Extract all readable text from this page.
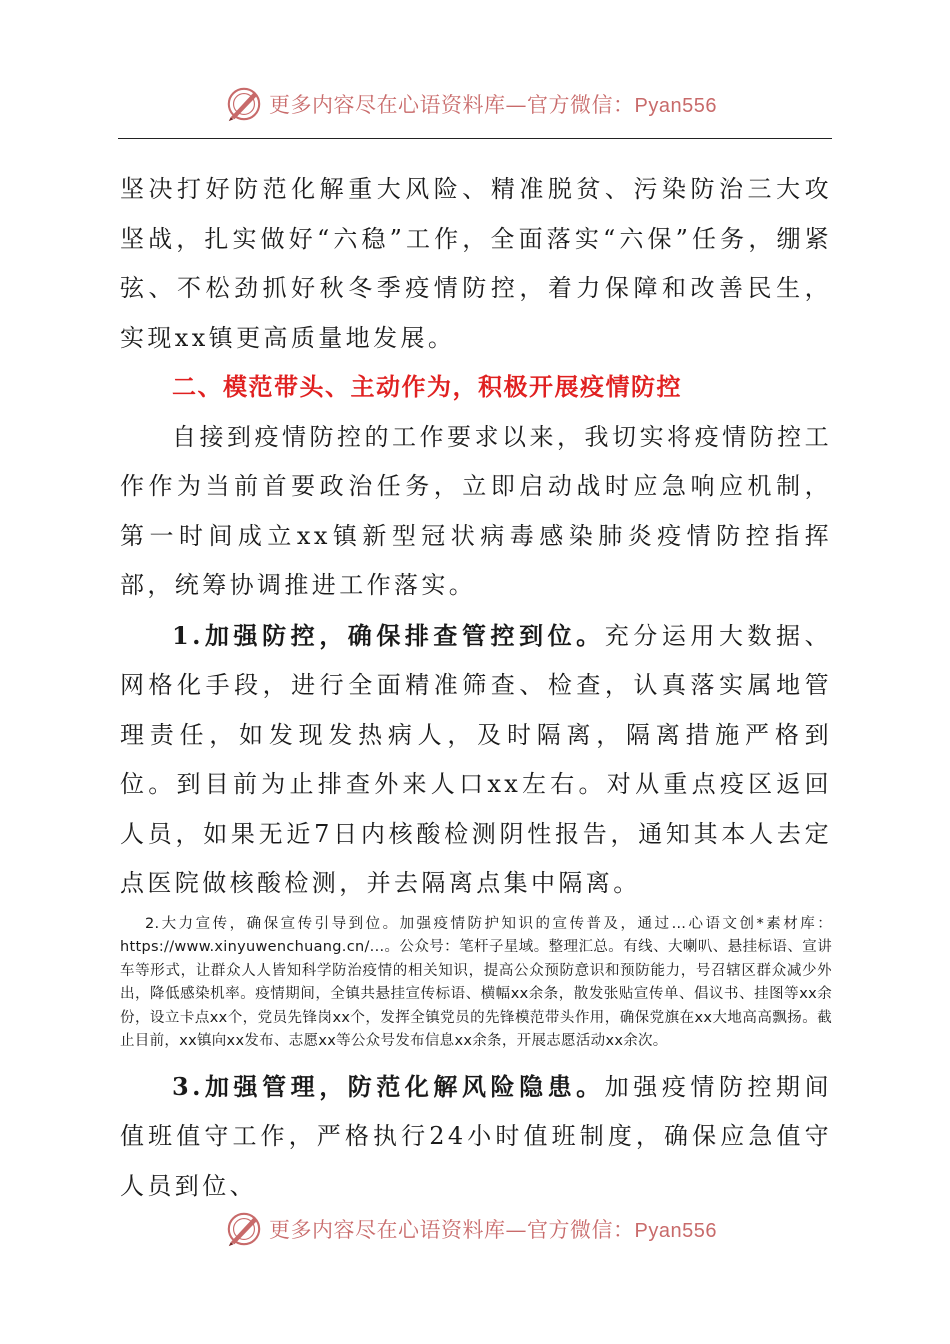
更多内容尽在心语资料库—官方微信：Pyan556

坚决打好防范化解重大风险、精准脱贫、污染防治三大攻坚战，扎实做好“六稳”工作，全面落实“六保”任务，绷紧弦、不松劲抓好秋冬季疫情防控，着力保障和改善民生，实现xx镇更高质量地发展。

二、模范带头、主动作为，积极开展疫情防控

自接到疫情防控的工作要求以来，我切实将疫情防控工作作为当前首要政治任务，立即启动战时应急响应机制，第一时间成立xx镇新型冠状病毒感染肺炎疫情防控指挥部，统筹协调推进工作落实。

1.加强防控，确保排查管控到位。充分运用大数据、网格化手段，进行全面精准筛查、检查，认真落实属地管理责任，如发现发热病人，及时隔离，隔离措施严格到位。到目前为止排查外来人口xx左右。对从重点疫区返回人员，如果无近7日内核酸检测阴性报告，通知其本人去定点医院做核酸检测，并去隔离点集中隔离。

2.大力宣传，确保宣传引导到位。加强疫情防护知识的宣传普及，通过…心语文创*素材库：https://www.xinyuwenchuang.cn/...。公众号：笔杆子星域。整理汇总。有线、大喇叭、悬挂标语、宣讲车等形式，让群众人人皆知科学防治疫情的相关知识，提高公众预防意识和预防能力，号召辖区群众减少外出，降低感染机率。疫情期间，全镇共悬挂宣传标语、横幅xx余条，散发张贴宣传单、倡议书、挂图等xx余份，设立卡点xx个，党员先锋岗xx个，发挥全镇党员的先锋模范带头作用，确保党旗在xx大地高高飘扬。截止目前，xx镇向xx发布、志愿xx等公众号发布信息xx余条，开展志愿活动xx余次。

3.加强管理，防范化解风险隐患。加强疫情防控期间值班值守工作，严格执行24小时值班制度，确保应急值守人员到位、

更多内容尽在心语资料库—官方微信：Pyan556
